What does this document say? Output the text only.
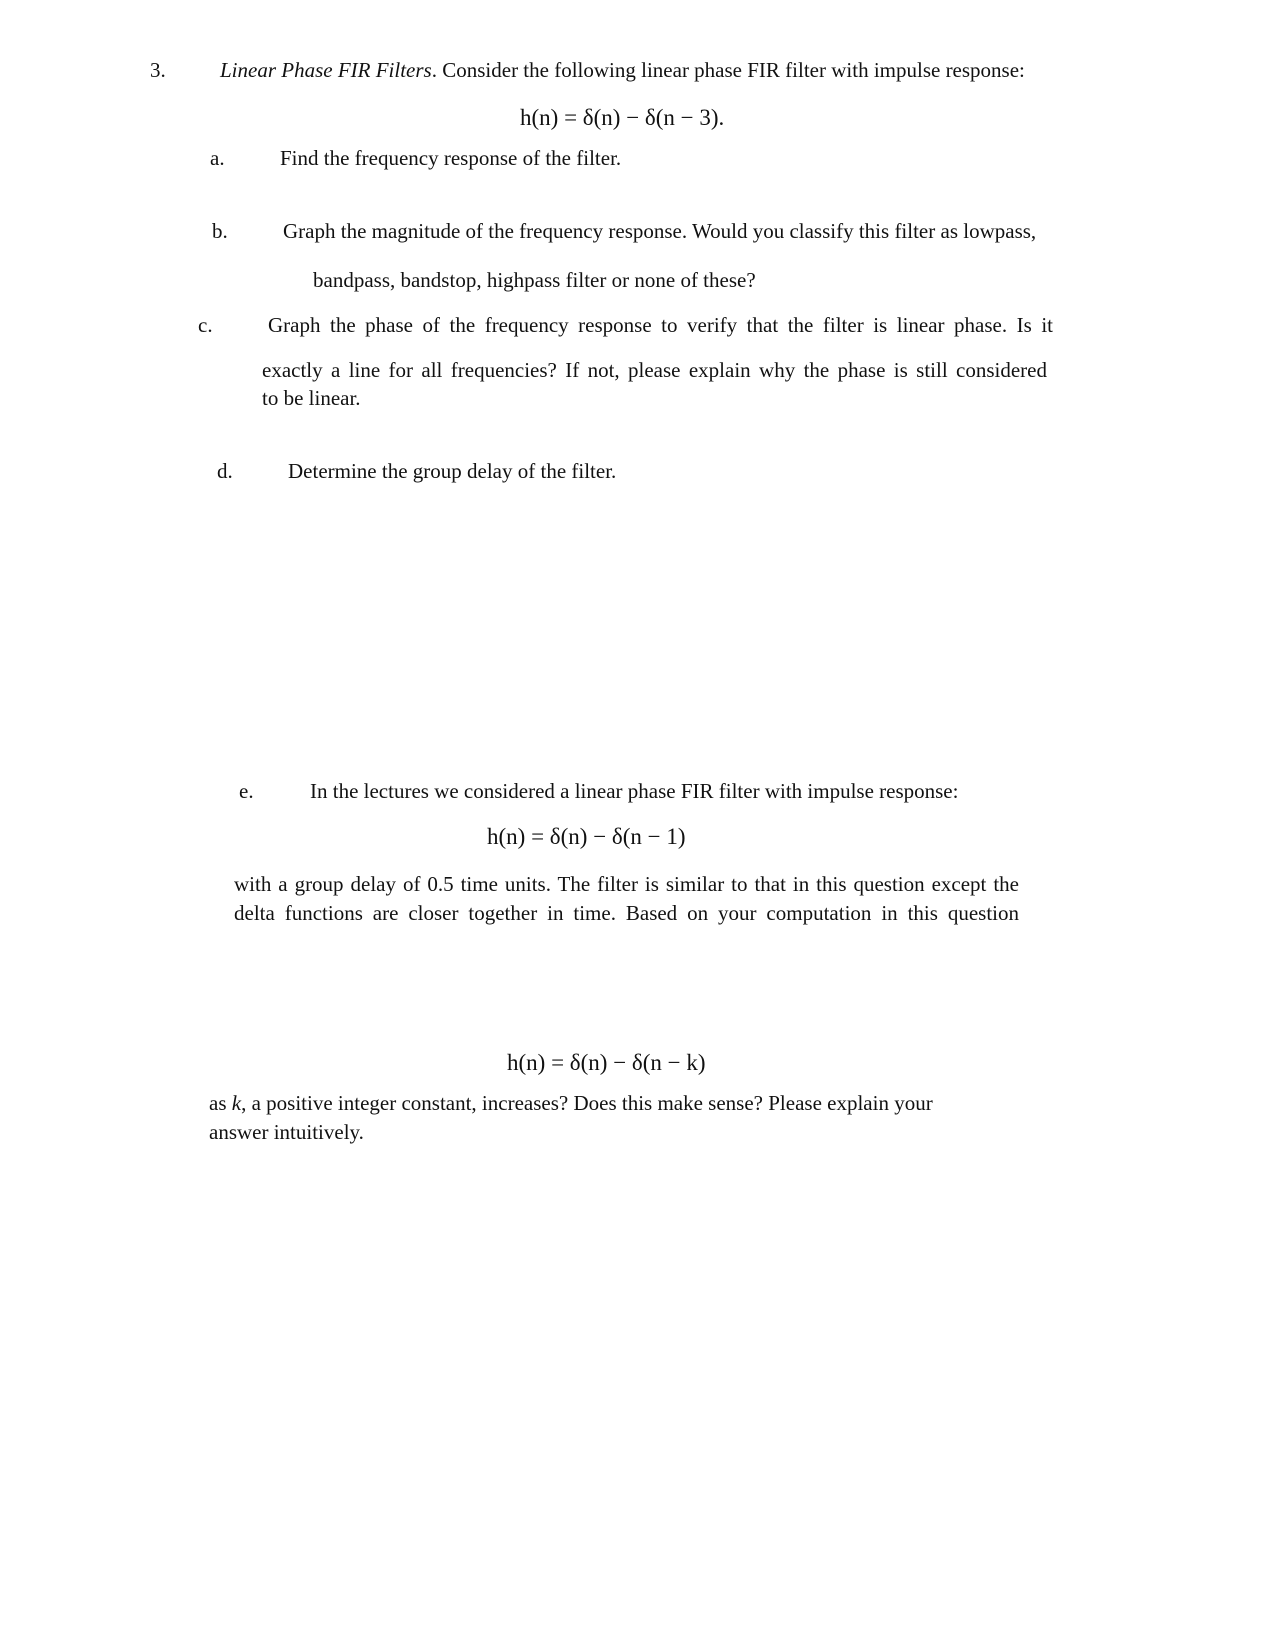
3.	Linear Phase FIR Filters. Consider the following linear phase FIR filter with impulse response:
h(n) = δ(n) − δ(n − 3).
a.	Find the frequency response of the filter.
b.	Graph the magnitude of the frequency response. Would you classify this filter as lowpass,
bandpass, bandstop, highpass filter or none of these?
c.	Graph the phase of the frequency response to verify that the filter is linear phase. Is it
exactly a line for all frequencies? If not, please explain why the phase is still considered
to be linear.
d.	Determine the group delay of the filter.
e.	In the lectures we considered a linear phase FIR filter with impulse response:
h(n) = δ(n) − δ(n − 1)
with a group delay of 0.5 time units. The filter is similar to that in this question except the
delta functions are closer together in time. Based on your computation in this question
h(n) = δ(n) − δ(n − k)
as k, a positive integer constant, increases? Does this make sense? Please explain your
answer intuitively.
